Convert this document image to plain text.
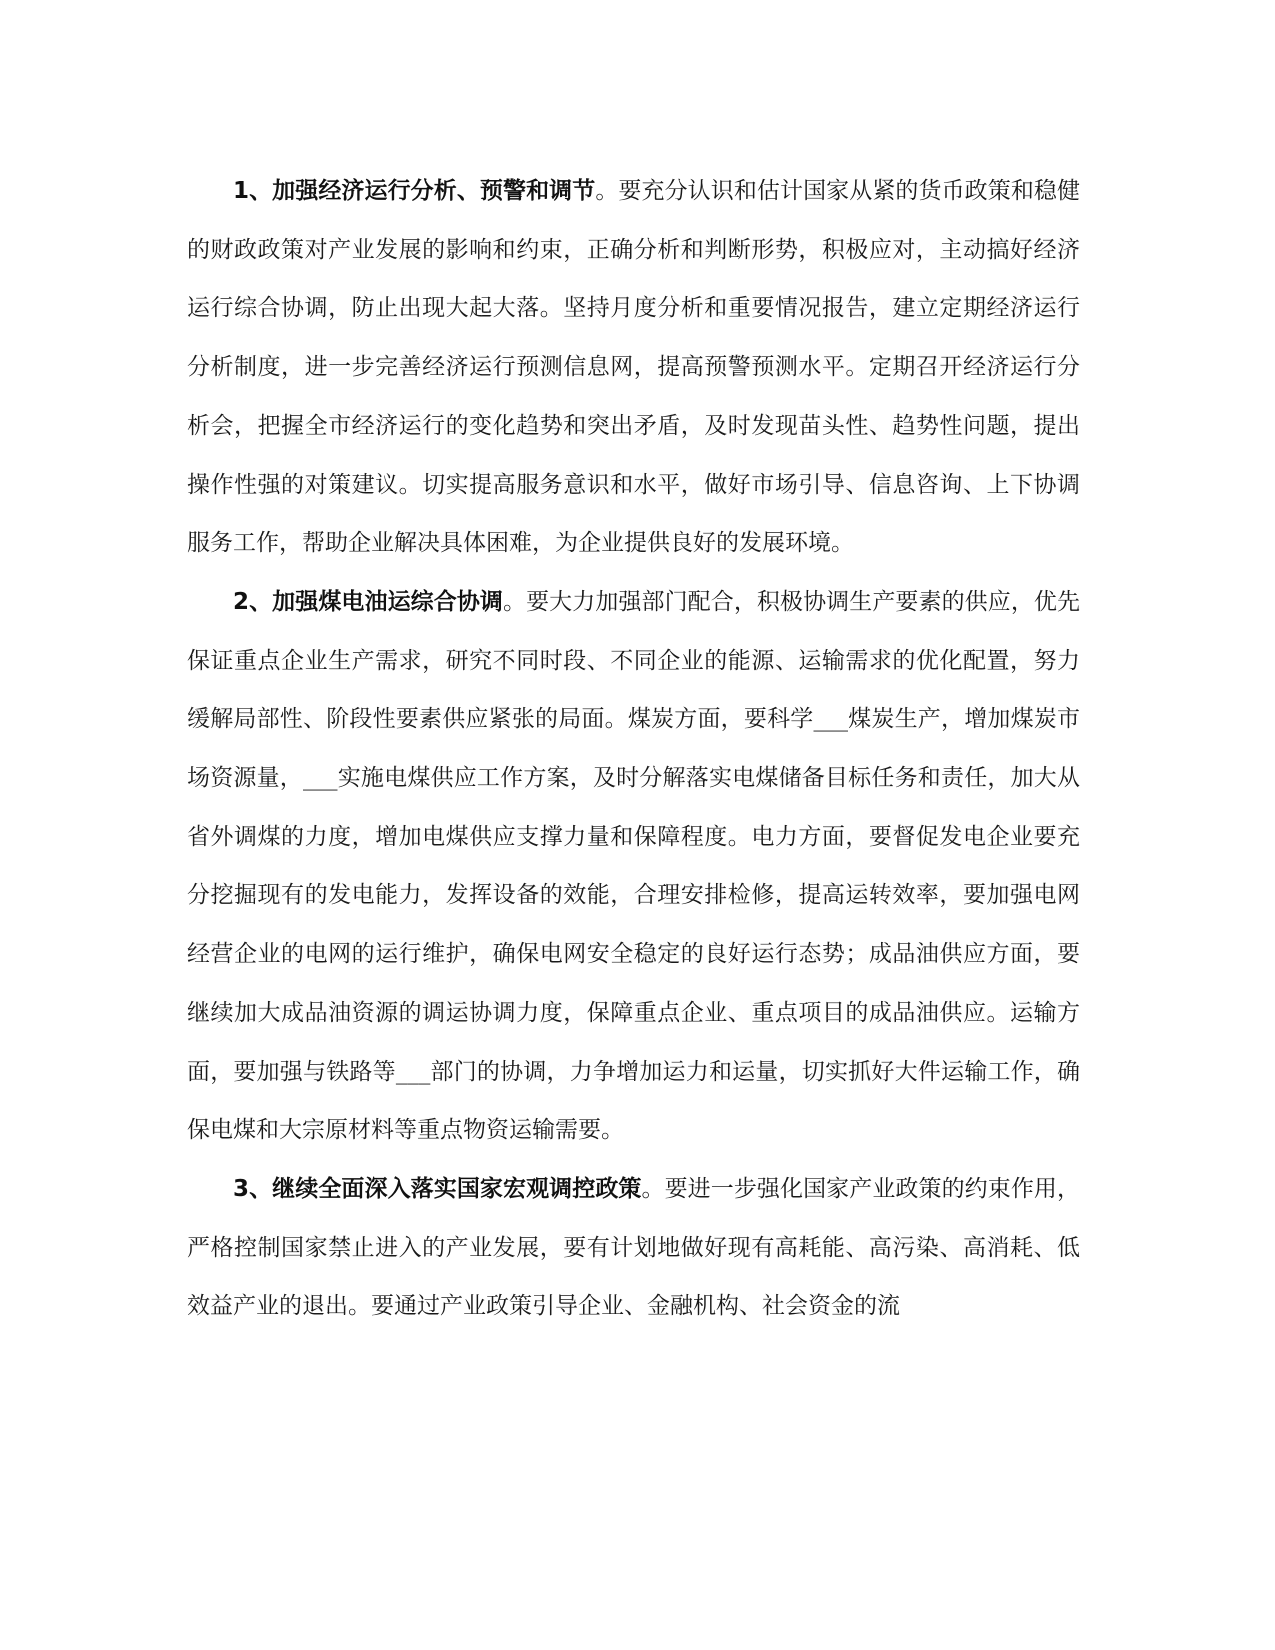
1、加强经济运行分析、预警和调节。要充分认识和估计国家从紧的货币政策和稳健的财政政策对产业发展的影响和约束，正确分析和判断形势，积极应对，主动搞好经济运行综合协调，防止出现大起大落。坚持月度分析和重要情况报告，建立定期经济运行分析制度，进一步完善经济运行预测信息网，提高预警预测水平。定期召开经济运行分析会，把握全市经济运行的变化趋势和突出矛盾，及时发现苗头性、趋势性问题，提出操作性强的对策建议。切实提高服务意识和水平，做好市场引导、信息咨询、上下协调服务工作，帮助企业解决具体困难，为企业提供良好的发展环境。

2、加强煤电油运综合协调。要大力加强部门配合，积极协调生产要素的供应，优先保证重点企业生产需求，研究不同时段、不同企业的能源、运输需求的优化配置，努力缓解局部性、阶段性要素供应紧张的局面。煤炭方面，要科学___煤炭生产，增加煤炭市场资源量，___实施电煤供应工作方案，及时分解落实电煤储备目标任务和责任，加大从省外调煤的力度，增加电煤供应支撑力量和保障程度。电力方面，要督促发电企业要充分挖掘现有的发电能力，发挥设备的效能，合理安排检修，提高运转效率，要加强电网经营企业的电网的运行维护，确保电网安全稳定的良好运行态势；成品油供应方面，要继续加大成品油资源的调运协调力度，保障重点企业、重点项目的成品油供应。运输方面，要加强与铁路等___部门的协调，力争增加运力和运量，切实抓好大件运输工作，确保电煤和大宗原材料等重点物资运输需要。

3、继续全面深入落实国家宏观调控政策。要进一步强化国家产业政策的约束作用，严格控制国家禁止进入的产业发展，要有计划地做好现有高耗能、高污染、高消耗、低效益产业的退出。要通过产业政策引导企业、金融机构、社会资金的流
